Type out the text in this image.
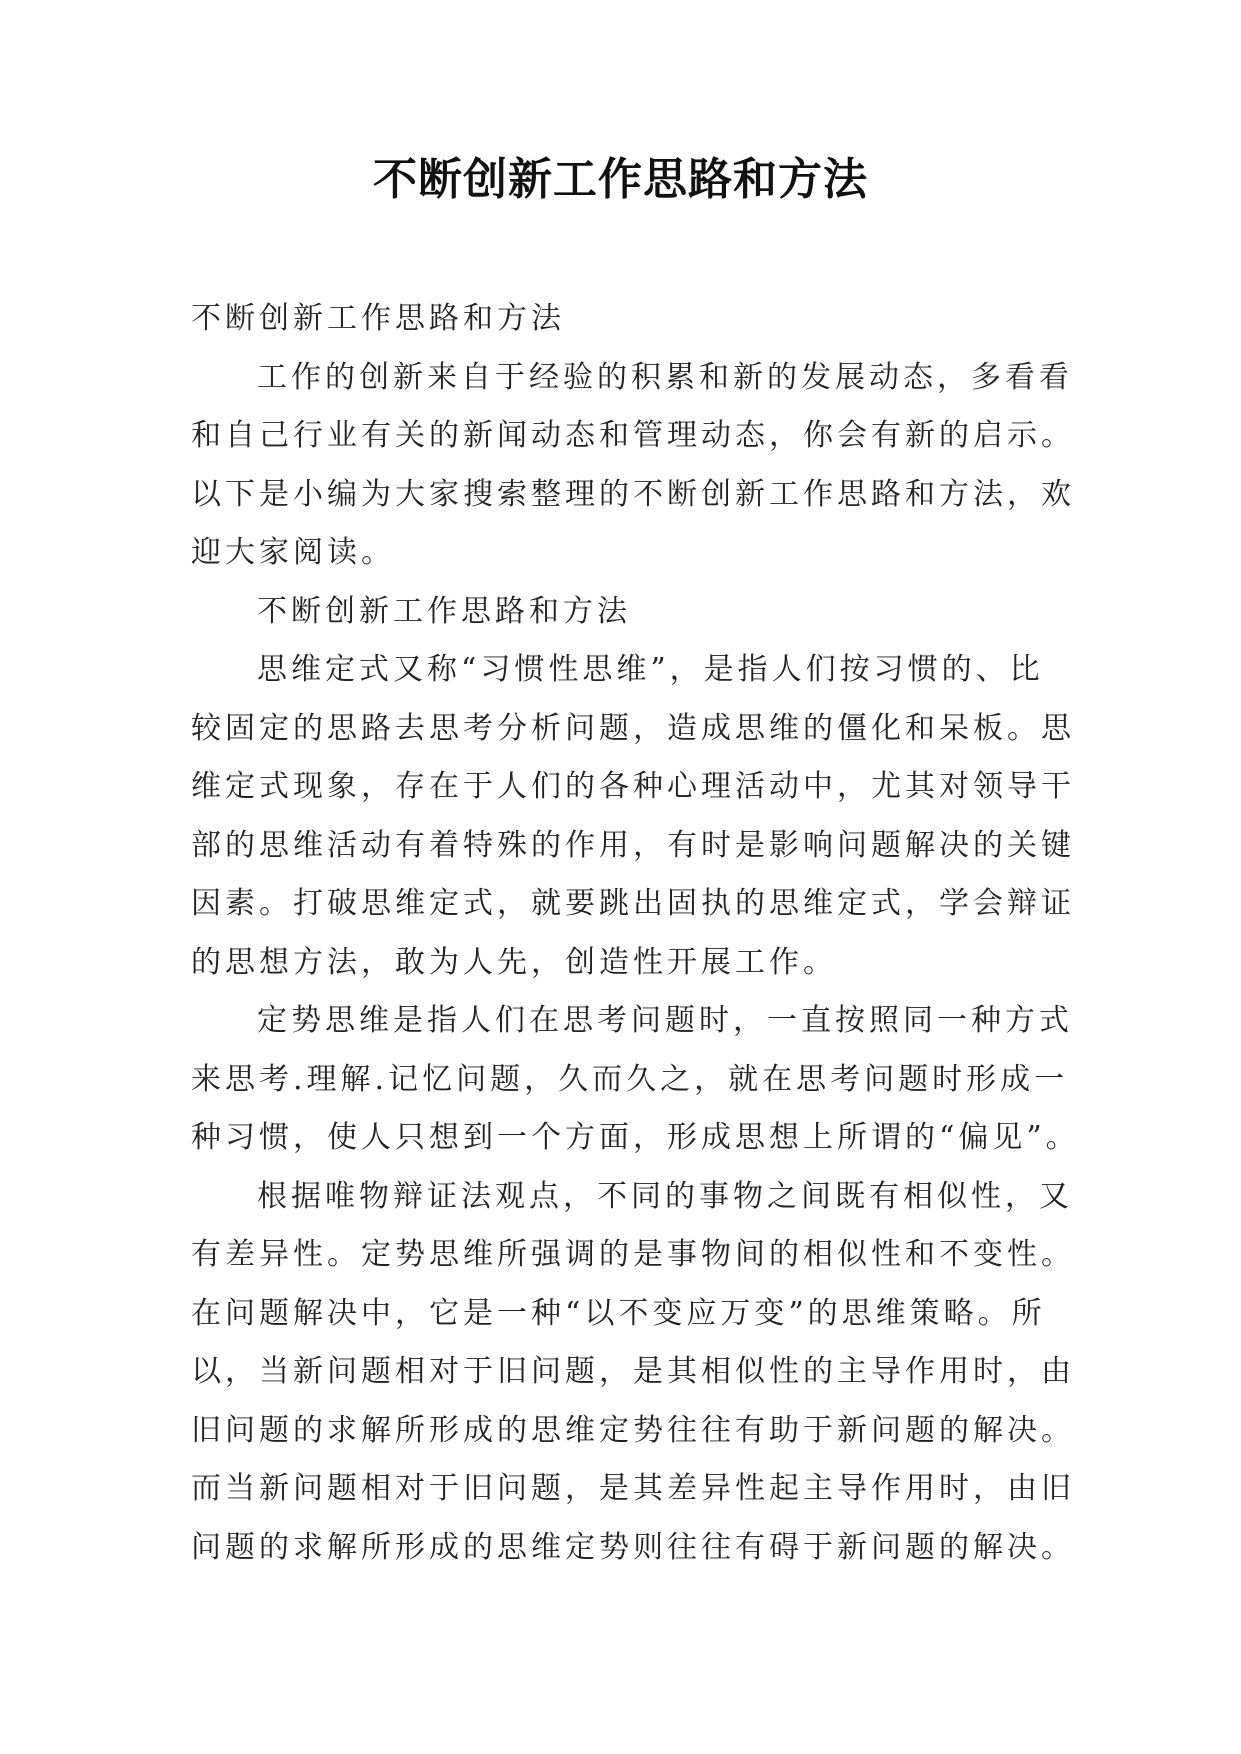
不断创新工作思路和方法
不断创新工作思路和方法
工作的创新来自于经验的积累和新的发展动态，多看看
和自己行业有关的新闻动态和管理动态，你会有新的启示。
以下是小编为大家搜索整理的不断创新工作思路和方法，欢
迎大家阅读。
不断创新工作思路和方法
思维定式又称“习惯性思维”，是指人们按习惯的、比
较固定的思路去思考分析问题，造成思维的僵化和呆板。思
维定式现象，存在于人们的各种心理活动中，尤其对领导干
部的思维活动有着特殊的作用，有时是影响问题解决的关键
因素。打破思维定式，就要跳出固执的思维定式，学会辩证
的思想方法，敢为人先，创造性开展工作。
定势思维是指人们在思考问题时，一直按照同一种方式
来思考.理解.记忆问题，久而久之，就在思考问题时形成一
种习惯，使人只想到一个方面，形成思想上所谓的“偏见”。
根据唯物辩证法观点，不同的事物之间既有相似性，又
有差异性。定势思维所强调的是事物间的相似性和不变性。
在问题解决中，它是一种“以不变应万变”的思维策略。所
以，当新问题相对于旧问题，是其相似性的主导作用时，由
旧问题的求解所形成的思维定势往往有助于新问题的解决。
而当新问题相对于旧问题，是其差异性起主导作用时，由旧
问题的求解所形成的思维定势则往往有碍于新问题的解决。
